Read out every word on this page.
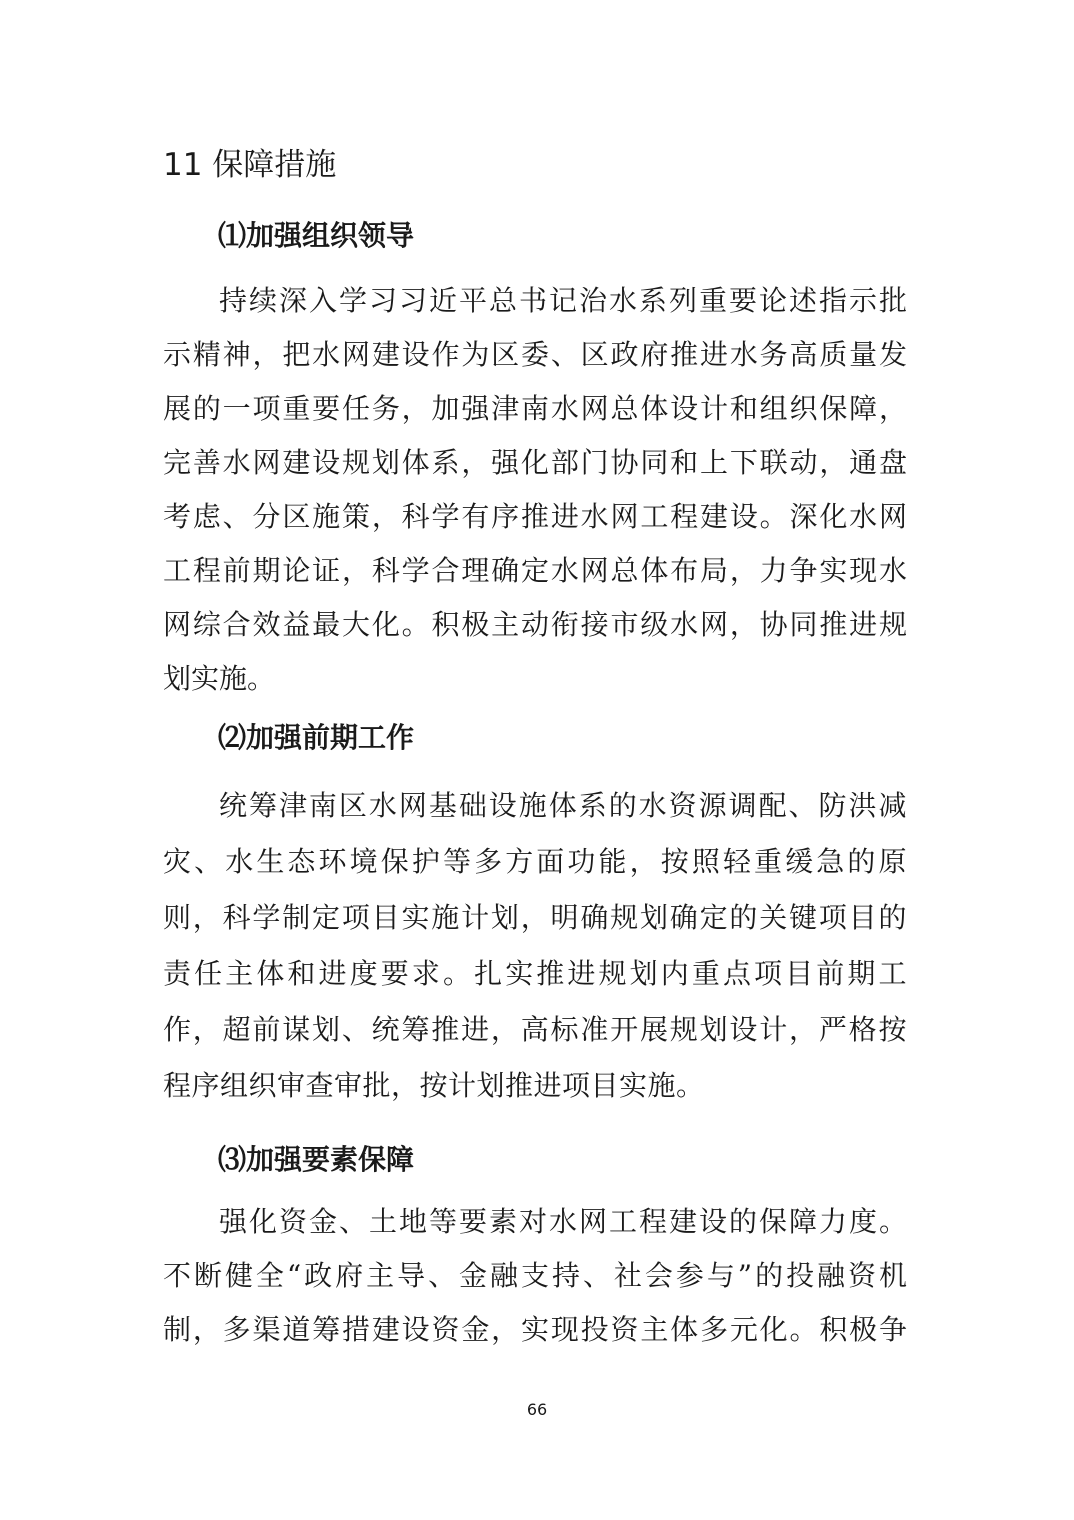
11 保障措施
⑴加强组织领导
持续深入学习习近平总书记治水系列重要论述指示批
示精神，把水网建设作为区委、区政府推进水务高质量发
展的一项重要任务，加强津南水网总体设计和组织保障，
完善水网建设规划体系，强化部门协同和上下联动，通盘
考虑、分区施策，科学有序推进水网工程建设。深化水网
工程前期论证，科学合理确定水网总体布局，力争实现水
网综合效益最大化。积极主动衔接市级水网，协同推进规
划实施。
⑵加强前期工作
统筹津南区水网基础设施体系的水资源调配、防洪减
灾、水生态环境保护等多方面功能，按照轻重缓急的原
则，科学制定项目实施计划，明确规划确定的关键项目的
责任主体和进度要求。扎实推进规划内重点项目前期工
作，超前谋划、统筹推进，高标准开展规划设计，严格按
程序组织审查审批，按计划推进项目实施。
⑶加强要素保障
强化资金、土地等要素对水网工程建设的保障力度。
不断健全“政府主导、金融支持、社会参与”的投融资机
制，多渠道筹措建设资金，实现投资主体多元化。积极争
66
